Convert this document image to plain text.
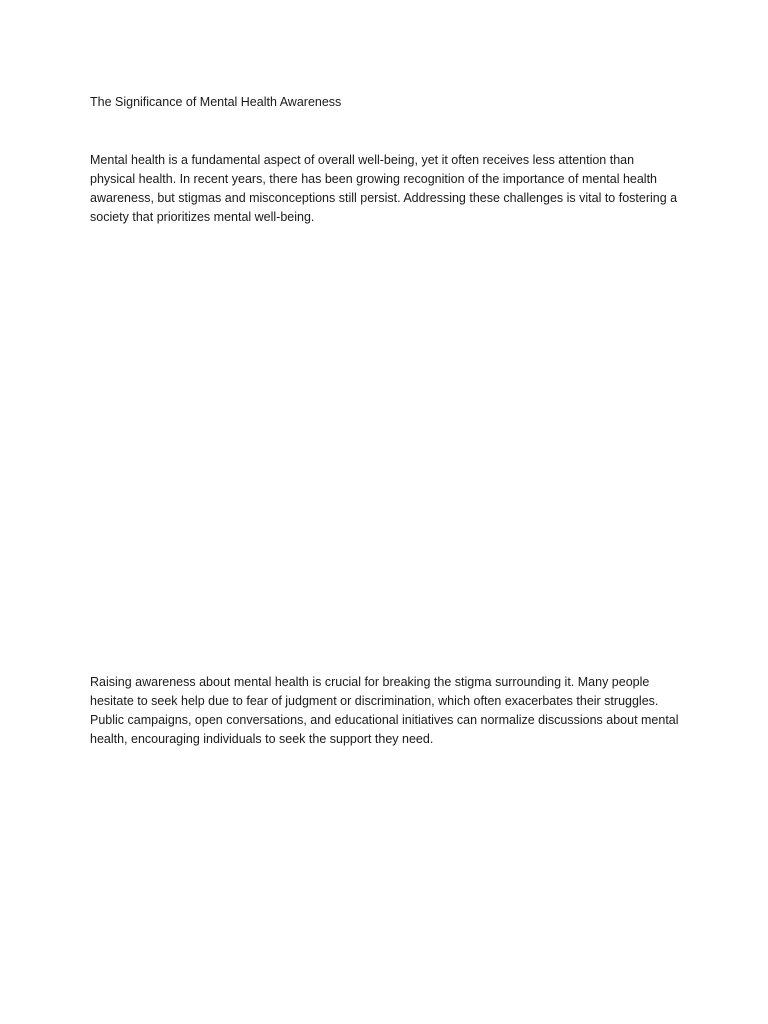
The Significance of Mental Health Awareness

Mental health is a fundamental aspect of overall well-being, yet it often receives less attention than physical health. In recent years, there has been growing recognition of the importance of mental health awareness, but stigmas and misconceptions still persist. Addressing these challenges is vital to fostering a society that prioritizes mental well-being.

Raising awareness about mental health is crucial for breaking the stigma surrounding it. Many people hesitate to seek help due to fear of judgment or discrimination, which often exacerbates their struggles. Public campaigns, open conversations, and educational initiatives can normalize discussions about mental health, encouraging individuals to seek the support they need.
